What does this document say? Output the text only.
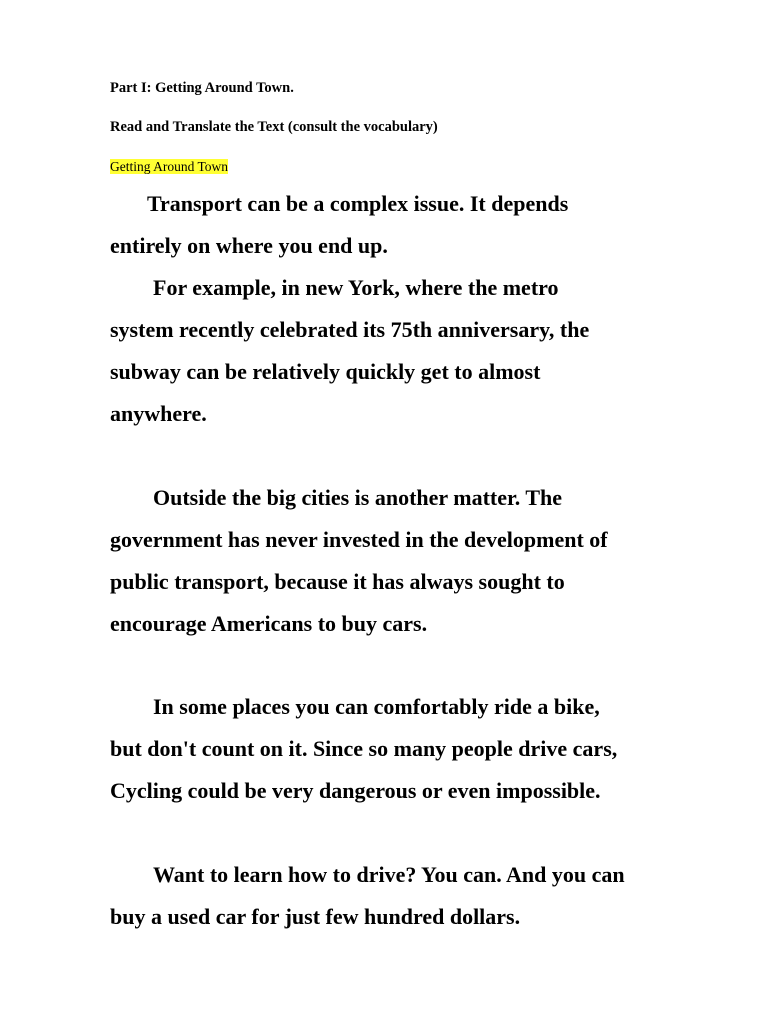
Part I: Getting Around Town.
Read and Translate the Text (consult the vocabulary)
Getting Around Town
Transport can be a complex issue. It depends
entirely on where you end up.
For example, in new York, where the metro
system recently celebrated its 75th anniversary, the
subway can be relatively quickly get to almost
anywhere.
Outside the big cities is another matter. The
government has never invested in the development of
public transport, because it has always sought to
encourage Americans to buy cars.
In some places you can comfortably ride a bike,
but don't count on it. Since so many people drive cars,
Cycling could be very dangerous or even impossible.
Want to learn how to drive? You can. And you can
buy a used car for just few hundred dollars.
